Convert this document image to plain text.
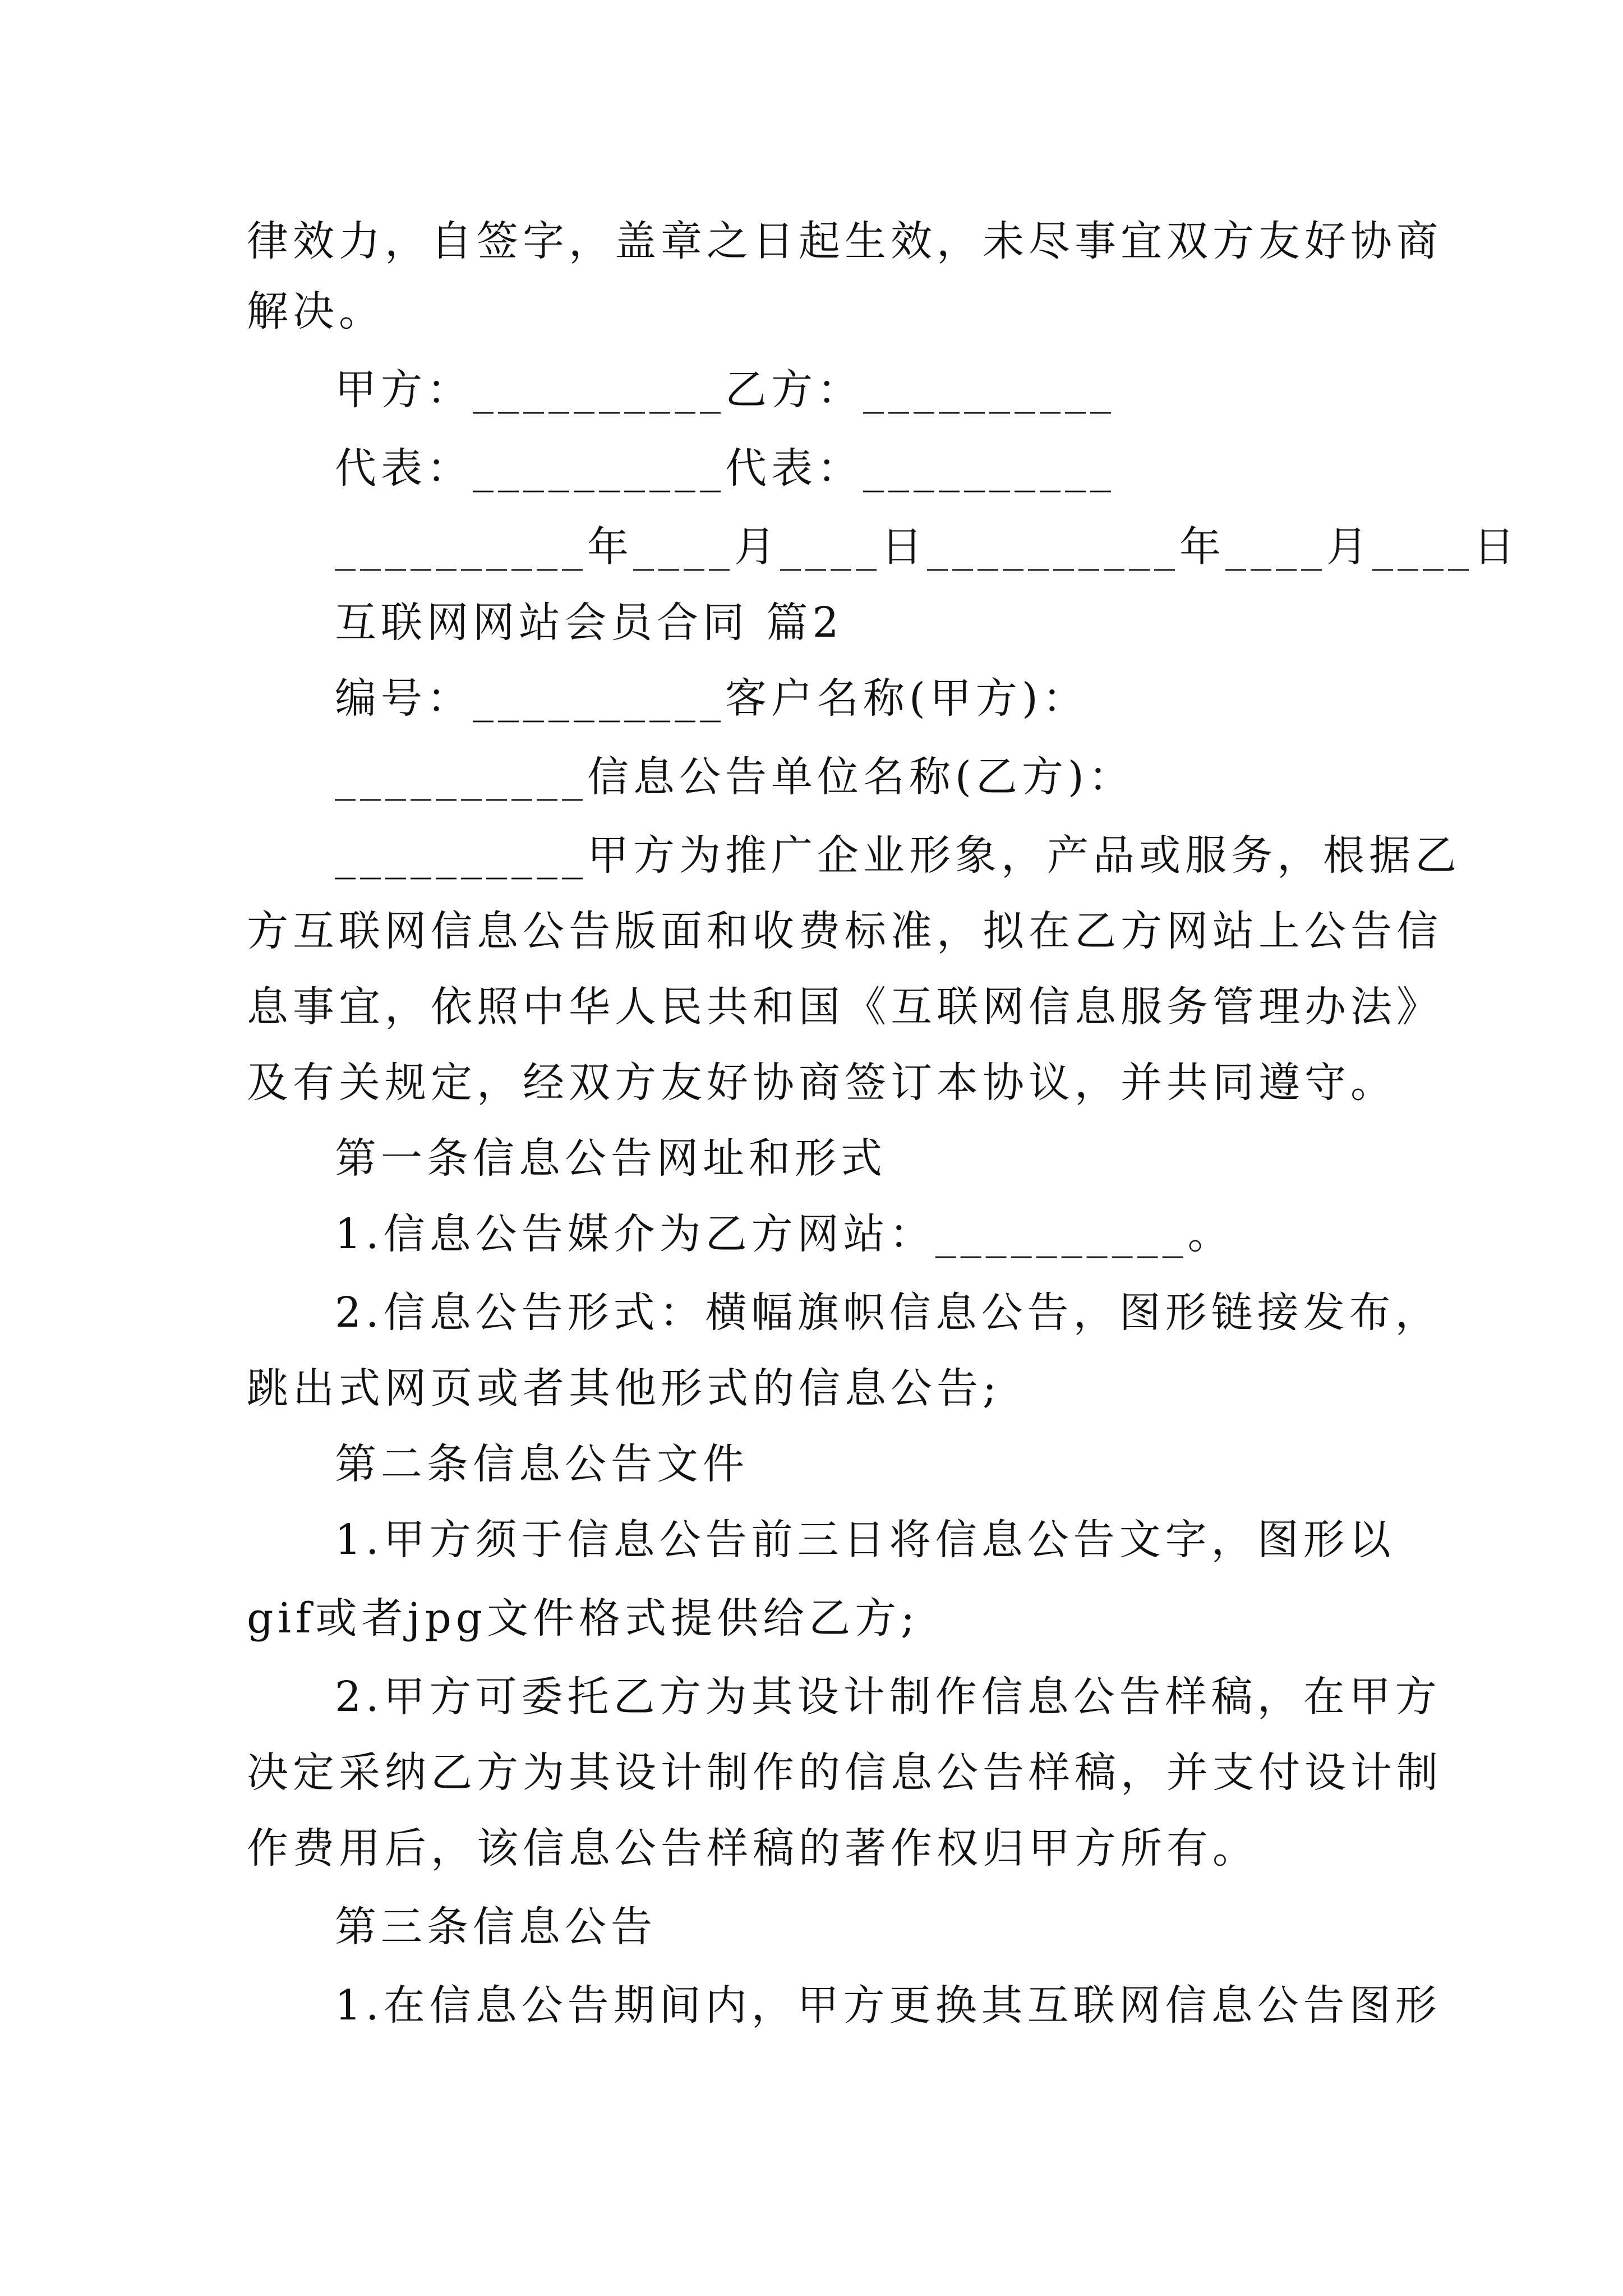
律效力，自签字，盖章之日起生效，未尽事宜双方友好协商
解决。
甲方：__________乙方：__________
代表：__________代表：__________
__________年____月____日__________年____月____日
互联网网站会员合同 篇2
编号：__________客户名称(甲方)：
__________信息公告单位名称(乙方)：
__________甲方为推广企业形象，产品或服务，根据乙
方互联网信息公告版面和收费标准，拟在乙方网站上公告信
息事宜，依照中华人民共和国《互联网信息服务管理办法》
及有关规定，经双方友好协商签订本协议，并共同遵守。
第一条信息公告网址和形式
1.信息公告媒介为乙方网站：__________。
2.信息公告形式：横幅旗帜信息公告，图形链接发布，
跳出式网页或者其他形式的信息公告;
第二条信息公告文件
1.甲方须于信息公告前三日将信息公告文字，图形以
gif或者jpg文件格式提供给乙方;
2.甲方可委托乙方为其设计制作信息公告样稿，在甲方
决定采纳乙方为其设计制作的信息公告样稿，并支付设计制
作费用后，该信息公告样稿的著作权归甲方所有。
第三条信息公告
1.在信息公告期间内，甲方更换其互联网信息公告图形
